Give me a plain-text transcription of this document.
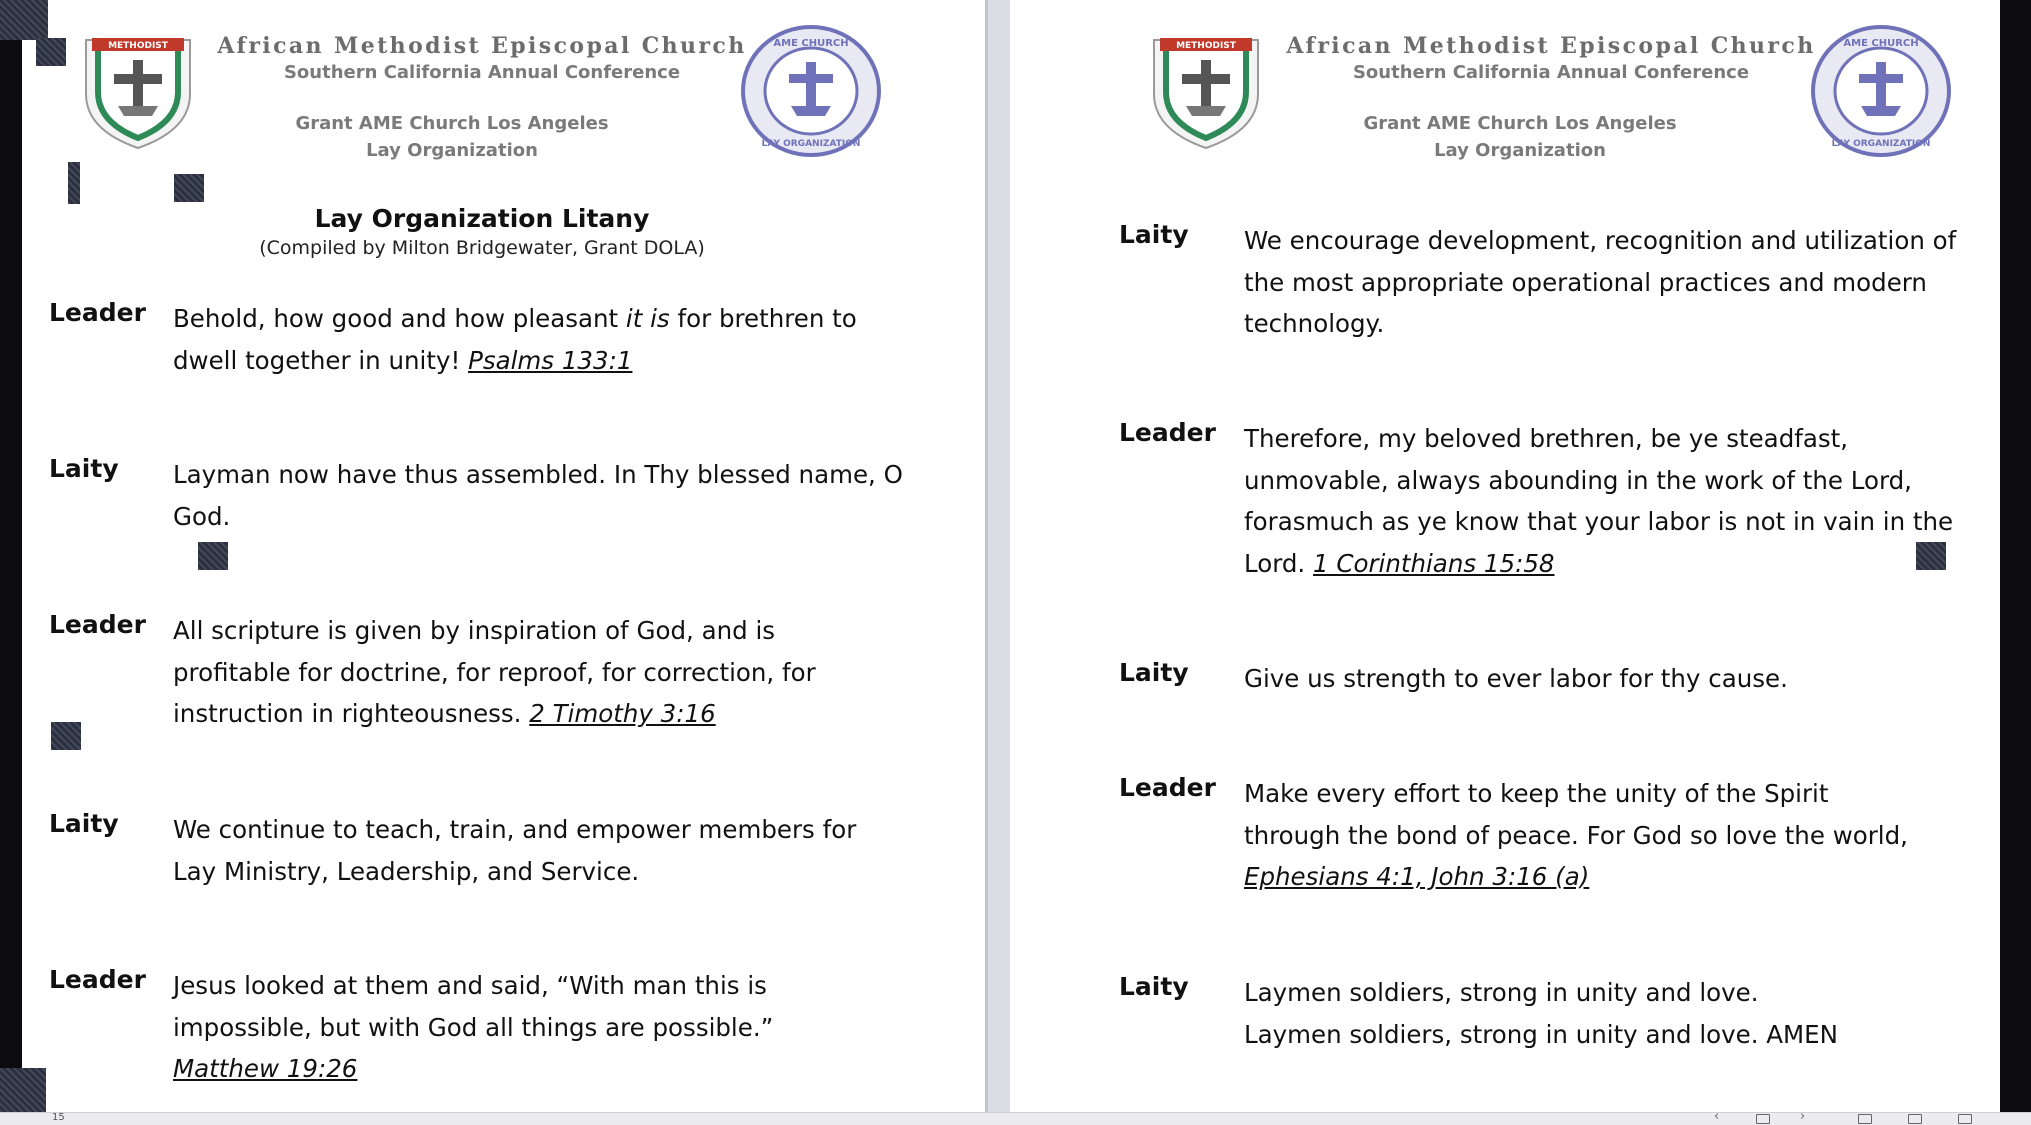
METHODIST	African Methodist Episcopal Church
Southern California Annual Conference
Grant AME Church Los Angeles
Lay Organization
AME CHURCH
LAY ORGANIZATION
Lay Organization Litany
(Compiled by Milton Bridgewater, Grant DOLA)
Leader Behold, how good and how pleasant it is for brethren to
dwell together in unity! Psalms 133:1
Laity Layman now have thus assembled. In Thy blessed name, O
God.
Leader All scripture is given by inspiration of God, and is
profitable for doctrine, for reproof, for correction, for
instruction in righteousness. 2 Timothy 3:16
Laity We continue to teach, train, and empower members for
Lay Ministry, Leadership, and Service.
Leader Jesus looked at them and said, “With man this is
impossible, but with God all things are possible.”
Matthew 19:26
METHODIST	African Methodist Episcopal Church
Southern California Annual Conference
Grant AME Church Los Angeles
Lay Organization
AME CHURCH
LAY ORGANIZATION
Laity We encourage development, recognition and utilization of
the most appropriate operational practices and modern
technology.
Leader Therefore, my beloved brethren, be ye steadfast,
unmovable, always abounding in the work of the Lord,
forasmuch as ye know that your labor is not in vain in the
Lord. 1 Corinthians 15:58
Laity Give us strength to ever labor for thy cause.
Leader Make every effort to keep the unity of the Spirit
through the bond of peace. For God so love the world,
Ephesians 4:1, John 3:16 (a)
Laity Laymen soldiers, strong in unity and love.
Laymen soldiers, strong in unity and love. AMEN
15	‹	›
